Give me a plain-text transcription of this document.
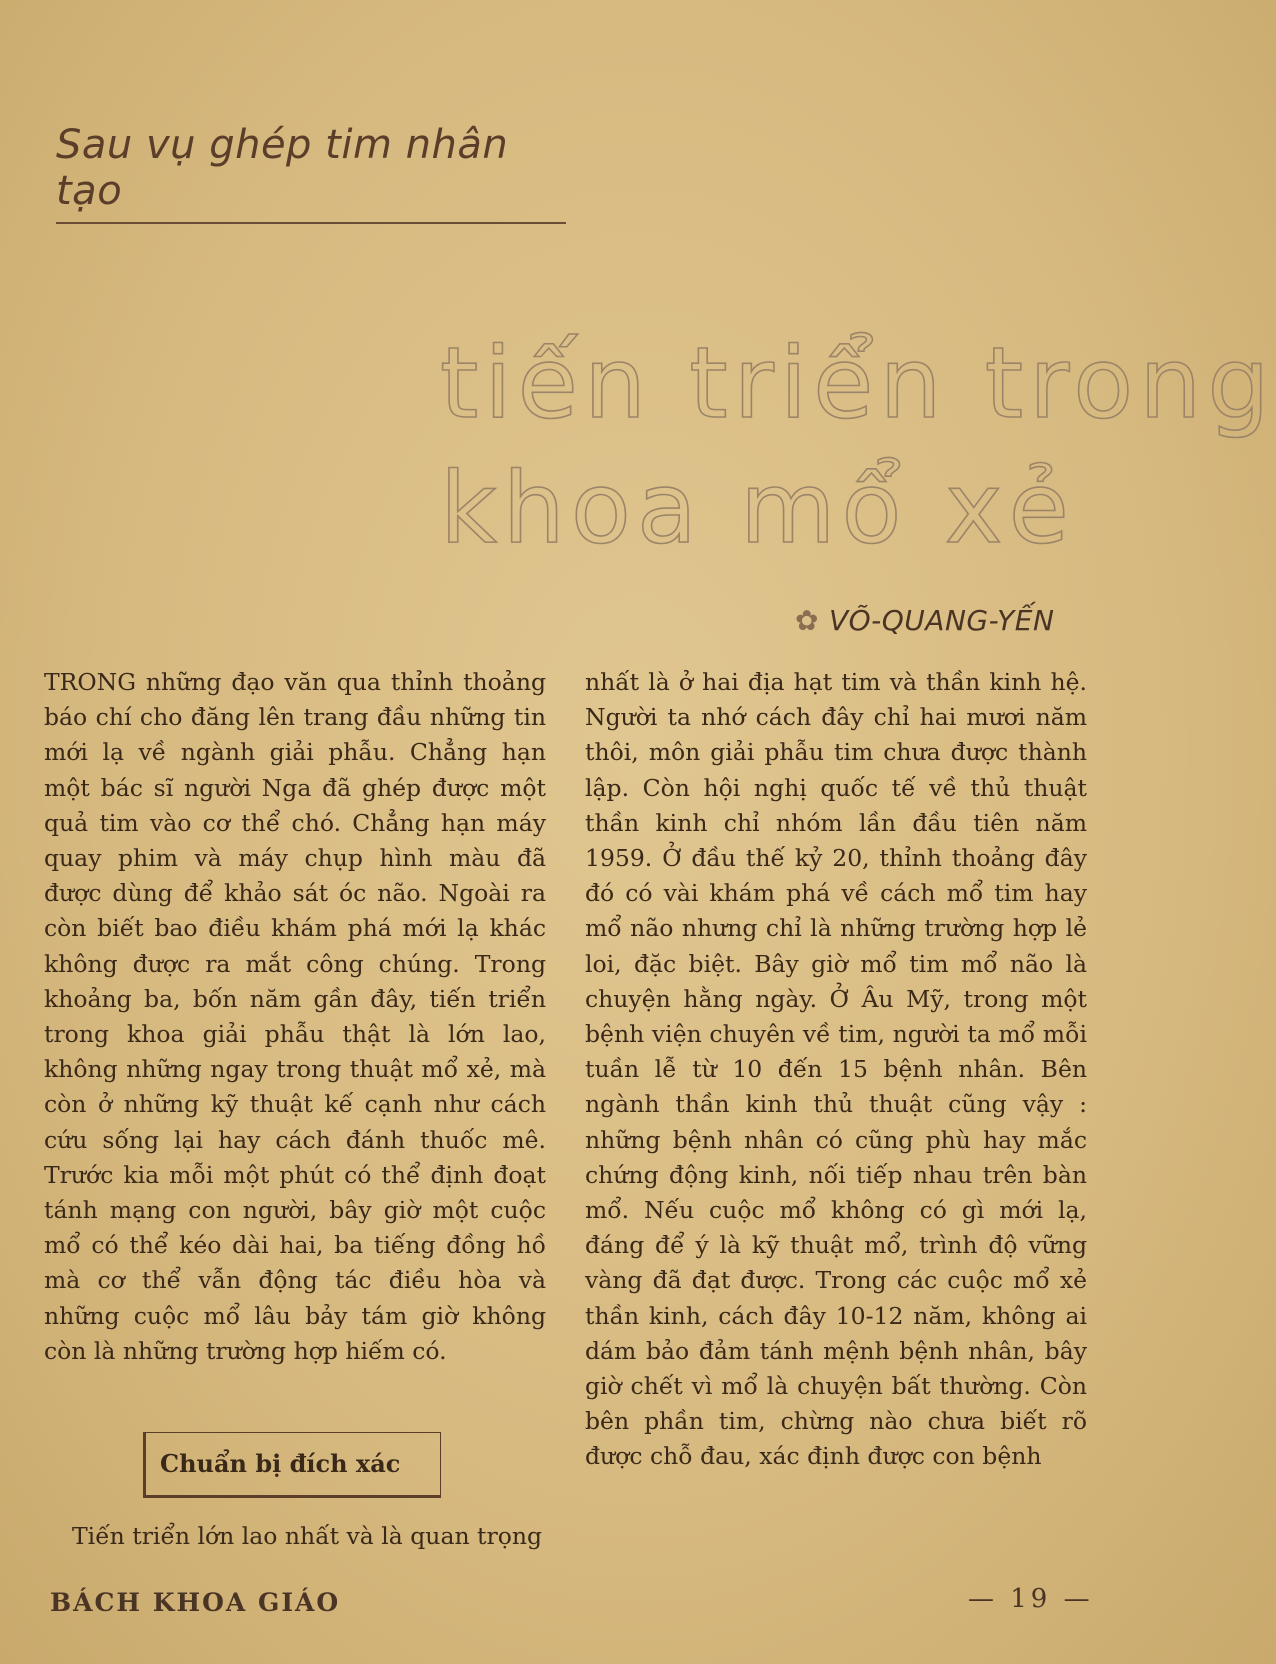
Sau vụ ghép tim nhân tạo
tiến triển trong
khoa mổ xẻ
✿ VÕ-QUANG-YẾN

TRONG những đạo văn qua thỉnh thoảng báo chí cho đăng lên trang đầu những tin mới lạ về ngành giải phẫu. Chẳng hạn một bác sĩ người Nga đã ghép được một quả tim vào cơ thể chó. Chẳng hạn máy quay phim và máy chụp hình màu đã được dùng để khảo sát óc não. Ngoài ra còn biết bao điều khám phá mới lạ khác không được ra mắt công chúng. Trong khoảng ba, bốn năm gần đây, tiến triển trong khoa giải phẫu thật là lớn lao, không những ngay trong thuật mổ xẻ, mà còn ở những kỹ thuật kế cạnh như cách cứu sống lại hay cách đánh thuốc mê. Trước kia mỗi một phút có thể định đoạt tánh mạng con người, bây giờ một cuộc mổ có thể kéo dài hai, ba tiếng đồng hồ mà cơ thể vẫn động tác điều hòa và những cuộc mổ lâu bảy tám giờ không còn là những trường hợp hiếm có.

Chuẩn bị đích xác
Tiến triển lớn lao nhất và là quan trọng

nhất là ở hai địa hạt tim và thần kinh hệ. Người ta nhớ cách đây chỉ hai mươi năm thôi, môn giải phẫu tim chưa được thành lập. Còn hội nghị quốc tế về thủ thuật thần kinh chỉ nhóm lần đầu tiên năm 1959. Ở đầu thế kỷ 20, thỉnh thoảng đây đó có vài khám phá về cách mổ tim hay mổ não nhưng chỉ là những trường hợp lẻ loi, đặc biệt. Bây giờ mổ tim mổ não là chuyện hằng ngày. Ở Âu Mỹ, trong một bệnh viện chuyên về tim, người ta mổ mỗi tuần lễ từ 10 đến 15 bệnh nhân. Bên ngành thần kinh thủ thuật cũng vậy : những bệnh nhân có cũng phù hay mắc chứng động kinh, nối tiếp nhau trên bàn mổ. Nếu cuộc mổ không có gì mới lạ, đáng để ý là kỹ thuật mổ, trình độ vững vàng đã đạt được. Trong các cuộc mổ xẻ thần kinh, cách đây 10-12 năm, không ai dám bảo đảm tánh mệnh bệnh nhân, bây giờ chết vì mổ là chuyện bất thường. Còn bên phần tim, chừng nào chưa biết rõ được chỗ đau, xác định được con bệnh

BÁCH KHOA GIÁO	— 19 —
